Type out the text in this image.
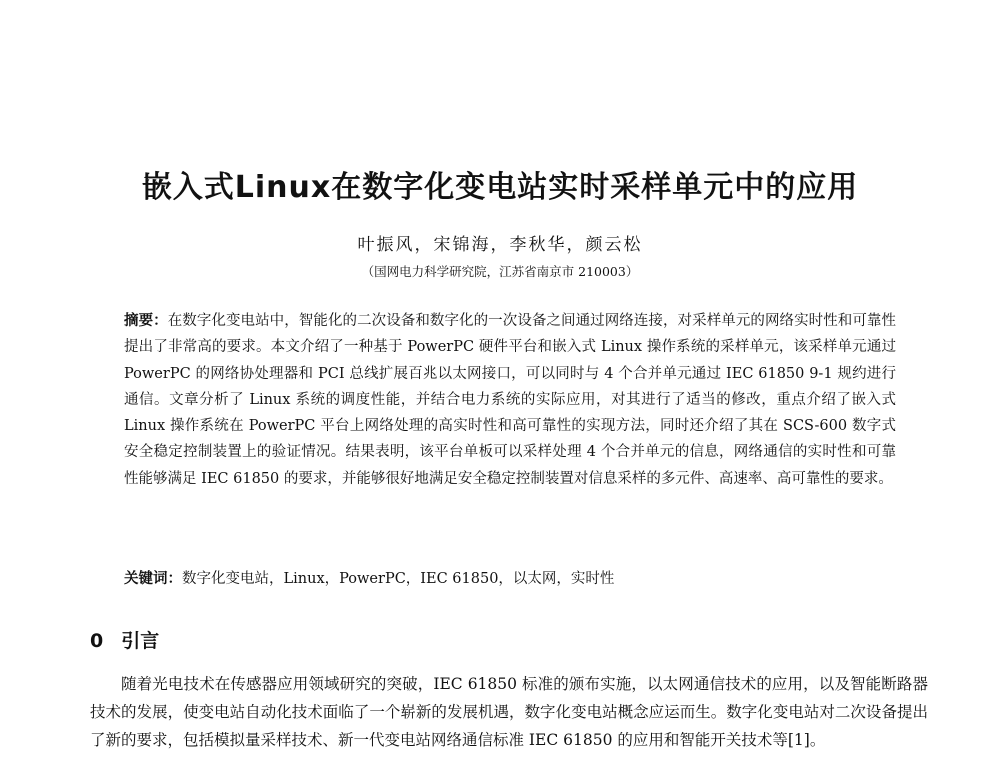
嵌入式Linux在数字化变电站实时采样单元中的应用
叶振风，宋锦海，李秋华，颜云松
（国网电力科学研究院，江苏省南京市 210003）

摘要：在数字化变电站中，智能化的二次设备和数字化的一次设备之间通过网络连接，对采样单元的网络实时性和可靠性提出了非常高的要求。本文介绍了一种基于 PowerPC 硬件平台和嵌入式 Linux 操作系统的采样单元，该采样单元通过 PowerPC 的网络协处理器和 PCI 总线扩展百兆以太网接口，可以同时与 4 个合并单元通过 IEC 61850 9-1 规约进行通信。文章分析了 Linux 系统的调度性能，并结合电力系统的实际应用，对其进行了适当的修改，重点介绍了嵌入式 Linux 操作系统在 PowerPC 平台上网络处理的高实时性和高可靠性的实现方法，同时还介绍了其在 SCS-600 数字式安全稳定控制装置上的验证情况。结果表明，该平台单板可以采样处理 4 个合并单元的信息，网络通信的实时性和可靠性能够满足 IEC 61850 的要求，并能够很好地满足安全稳定控制装置对信息采样的多元件、高速率、高可靠性的要求。

关键词：数字化变电站，Linux，PowerPC，IEC 61850，以太网，实时性
0 引言

随着光电技术在传感器应用领域研究的突破，IEC 61850 标准的颁布实施，以太网通信技术的应用，以及智能断路器技术的发展，使变电站自动化技术面临了一个崭新的发展机遇，数字化变电站概念应运而生。数字化变电站对二次设备提出了新的要求，包括模拟量采样技术、新一代变电站网络通信标准 IEC 61850 的应用和智能开关技术等[1]。
